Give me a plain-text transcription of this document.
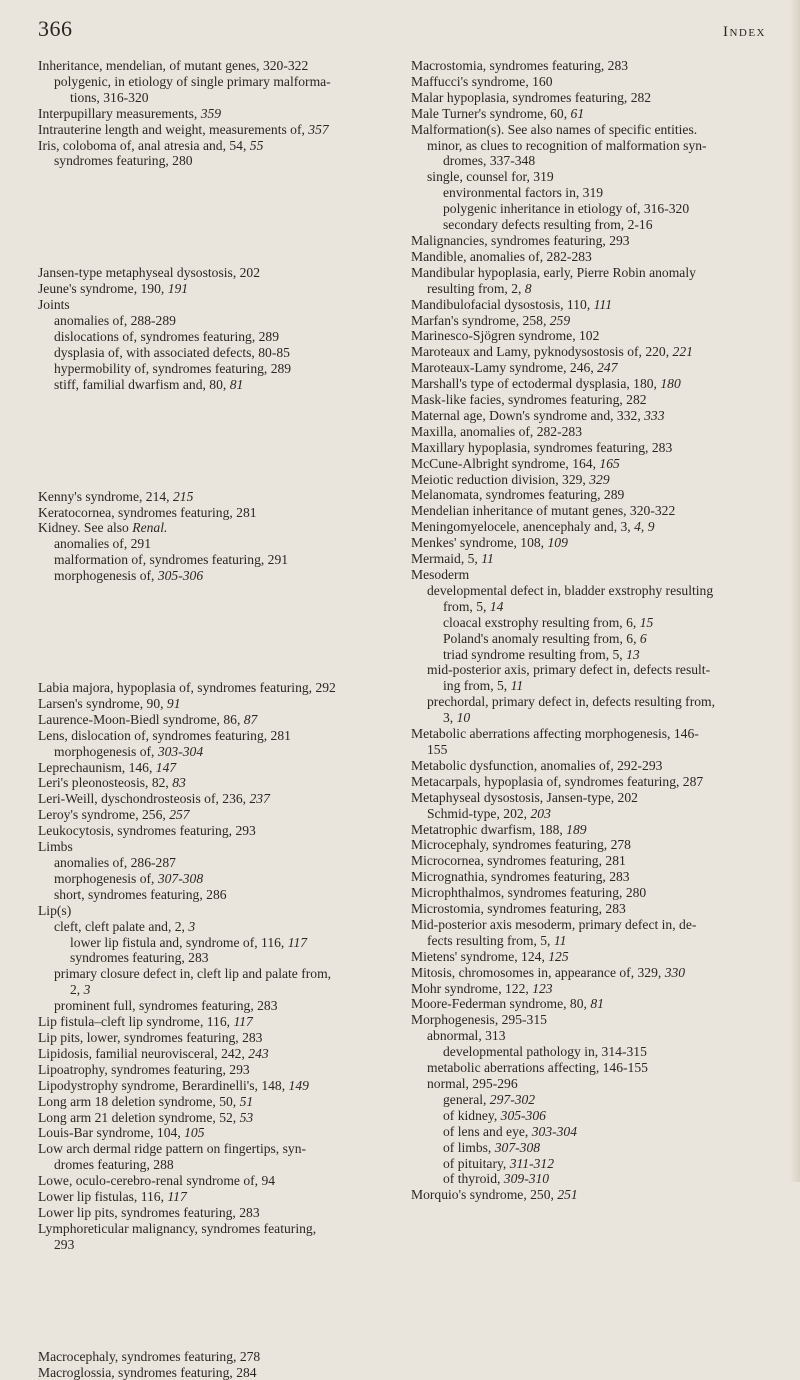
366	Index
Inheritance, mendelian, of mutant genes, 320-322
polygenic, in etiology of single primary malforma-
tions, 316-320
Interpupillary measurements, 359
Intrauterine length and weight, measurements of, 357
Iris, coloboma of, anal atresia and, 54, 55
syndromes featuring, 280
Jansen-type metaphyseal dysostosis, 202
Jeune's syndrome, 190, 191
Joints
anomalies of, 288-289
dislocations of, syndromes featuring, 289
dysplasia of, with associated defects, 80-85
hypermobility of, syndromes featuring, 289
stiff, familial dwarfism and, 80, 81
Kenny's syndrome, 214, 215
Keratocornea, syndromes featuring, 281
Kidney. See also Renal.
anomalies of, 291
malformation of, syndromes featuring, 291
morphogenesis of, 305-306
Labia majora, hypoplasia of, syndromes featuring, 292
Larsen's syndrome, 90, 91
Laurence-Moon-Biedl syndrome, 86, 87
Lens, dislocation of, syndromes featuring, 281
morphogenesis of, 303-304
Leprechaunism, 146, 147
Leri's pleonosteosis, 82, 83
Leri-Weill, dyschondrosteosis of, 236, 237
Leroy's syndrome, 256, 257
Leukocytosis, syndromes featuring, 293
Limbs
anomalies of, 286-287
morphogenesis of, 307-308
short, syndromes featuring, 286
Lip(s)
cleft, cleft palate and, 2, 3
lower lip fistula and, syndrome of, 116, 117
syndromes featuring, 283
primary closure defect in, cleft lip and palate from,
2, 3
prominent full, syndromes featuring, 283
Lip fistula–cleft lip syndrome, 116, 117
Lip pits, lower, syndromes featuring, 283
Lipidosis, familial neurovisceral, 242, 243
Lipoatrophy, syndromes featuring, 293
Lipodystrophy syndrome, Berardinelli's, 148, 149
Long arm 18 deletion syndrome, 50, 51
Long arm 21 deletion syndrome, 52, 53
Louis-Bar syndrome, 104, 105
Low arch dermal ridge pattern on fingertips, syn-
dromes featuring, 288
Lowe, oculo-cerebro-renal syndrome of, 94
Lower lip fistulas, 116, 117
Lower lip pits, syndromes featuring, 283
Lymphoreticular malignancy, syndromes featuring,
293
Macrocephaly, syndromes featuring, 278
Macroglossia, syndromes featuring, 284
Macrostomia, syndromes featuring, 283
Maffucci's syndrome, 160
Malar hypoplasia, syndromes featuring, 282
Male Turner's syndrome, 60, 61
Malformation(s). See also names of specific entities.
minor, as clues to recognition of malformation syn-
dromes, 337-348
single, counsel for, 319
environmental factors in, 319
polygenic inheritance in etiology of, 316-320
secondary defects resulting from, 2-16
Malignancies, syndromes featuring, 293
Mandible, anomalies of, 282-283
Mandibular hypoplasia, early, Pierre Robin anomaly
resulting from, 2, 8
Mandibulofacial dysostosis, 110, 111
Marfan's syndrome, 258, 259
Marinesco-Sjögren syndrome, 102
Maroteaux and Lamy, pyknodysostosis of, 220, 221
Maroteaux-Lamy syndrome, 246, 247
Marshall's type of ectodermal dysplasia, 180, 180
Mask-like facies, syndromes featuring, 282
Maternal age, Down's syndrome and, 332, 333
Maxilla, anomalies of, 282-283
Maxillary hypoplasia, syndromes featuring, 283
McCune-Albright syndrome, 164, 165
Meiotic reduction division, 329, 329
Melanomata, syndromes featuring, 289
Mendelian inheritance of mutant genes, 320-322
Meningomyelocele, anencephaly and, 3, 4, 9
Menkes' syndrome, 108, 109
Mermaid, 5, 11
Mesoderm
developmental defect in, bladder exstrophy resulting
from, 5, 14
cloacal exstrophy resulting from, 6, 15
Poland's anomaly resulting from, 6, 6
triad syndrome resulting from, 5, 13
mid-posterior axis, primary defect in, defects result-
ing from, 5, 11
prechordal, primary defect in, defects resulting from,
3, 10
Metabolic aberrations affecting morphogenesis, 146-
155
Metabolic dysfunction, anomalies of, 292-293
Metacarpals, hypoplasia of, syndromes featuring, 287
Metaphyseal dysostosis, Jansen-type, 202
Schmid-type, 202, 203
Metatrophic dwarfism, 188, 189
Microcephaly, syndromes featuring, 278
Microcornea, syndromes featuring, 281
Micrognathia, syndromes featuring, 283
Microphthalmos, syndromes featuring, 280
Microstomia, syndromes featuring, 283
Mid-posterior axis mesoderm, primary defect in, de-
fects resulting from, 5, 11
Mietens' syndrome, 124, 125
Mitosis, chromosomes in, appearance of, 329, 330
Mohr syndrome, 122, 123
Moore-Federman syndrome, 80, 81
Morphogenesis, 295-315
abnormal, 313
developmental pathology in, 314-315
metabolic aberrations affecting, 146-155
normal, 295-296
general, 297-302
of kidney, 305-306
of lens and eye, 303-304
of limbs, 307-308
of pituitary, 311-312
of thyroid, 309-310
Morquio's syndrome, 250, 251
